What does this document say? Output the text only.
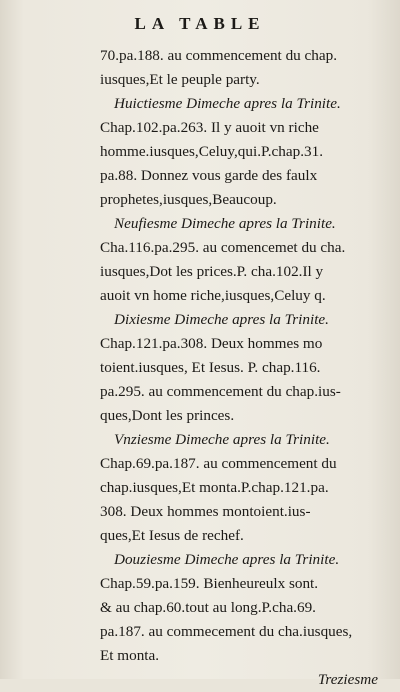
LA TABLE
70.pa.188. au commencement du chap.
iusques,Et le peuple party.
Huictiesme Dimeche apres la Trinite.
Chap.102.pa.263. Il y auoit vn riche
homme.iusques,Celuy,qui.P.chap.31.
pa.88. Donnez vous garde des faulx
prophetes,iusques,Beaucoup.
Neufiesme Dimeche apres la Trinite.
Cha.116.pa.295. au comencemet du cha.
iusques,Dot les prices.P. cha.102.Il y
auoit vn home riche,iusques,Celuy q.
Dixiesme Dimeche apres la Trinite.
Chap.121.pa.308. Deux hommes mo
toient.iusques, Et Iesus. P. chap.116.
pa.295. au commencement du chap.ius-
ques,Dont les princes.
Vnziesme Dimeche apres la Trinite.
Chap.69.pa.187. au commencement du
chap.iusques,Et monta.P.chap.121.pa.
308. Deux hommes montoient.ius-
ques,Et Iesus de rechef.
Douziesme Dimeche apres la Trinite.
Chap.59.pa.159. Bienheureulx sont.
& au chap.60.tout au long.P.cha.69.
pa.187. au commecement du cha.iusques,
Et monta.
Treziesme
